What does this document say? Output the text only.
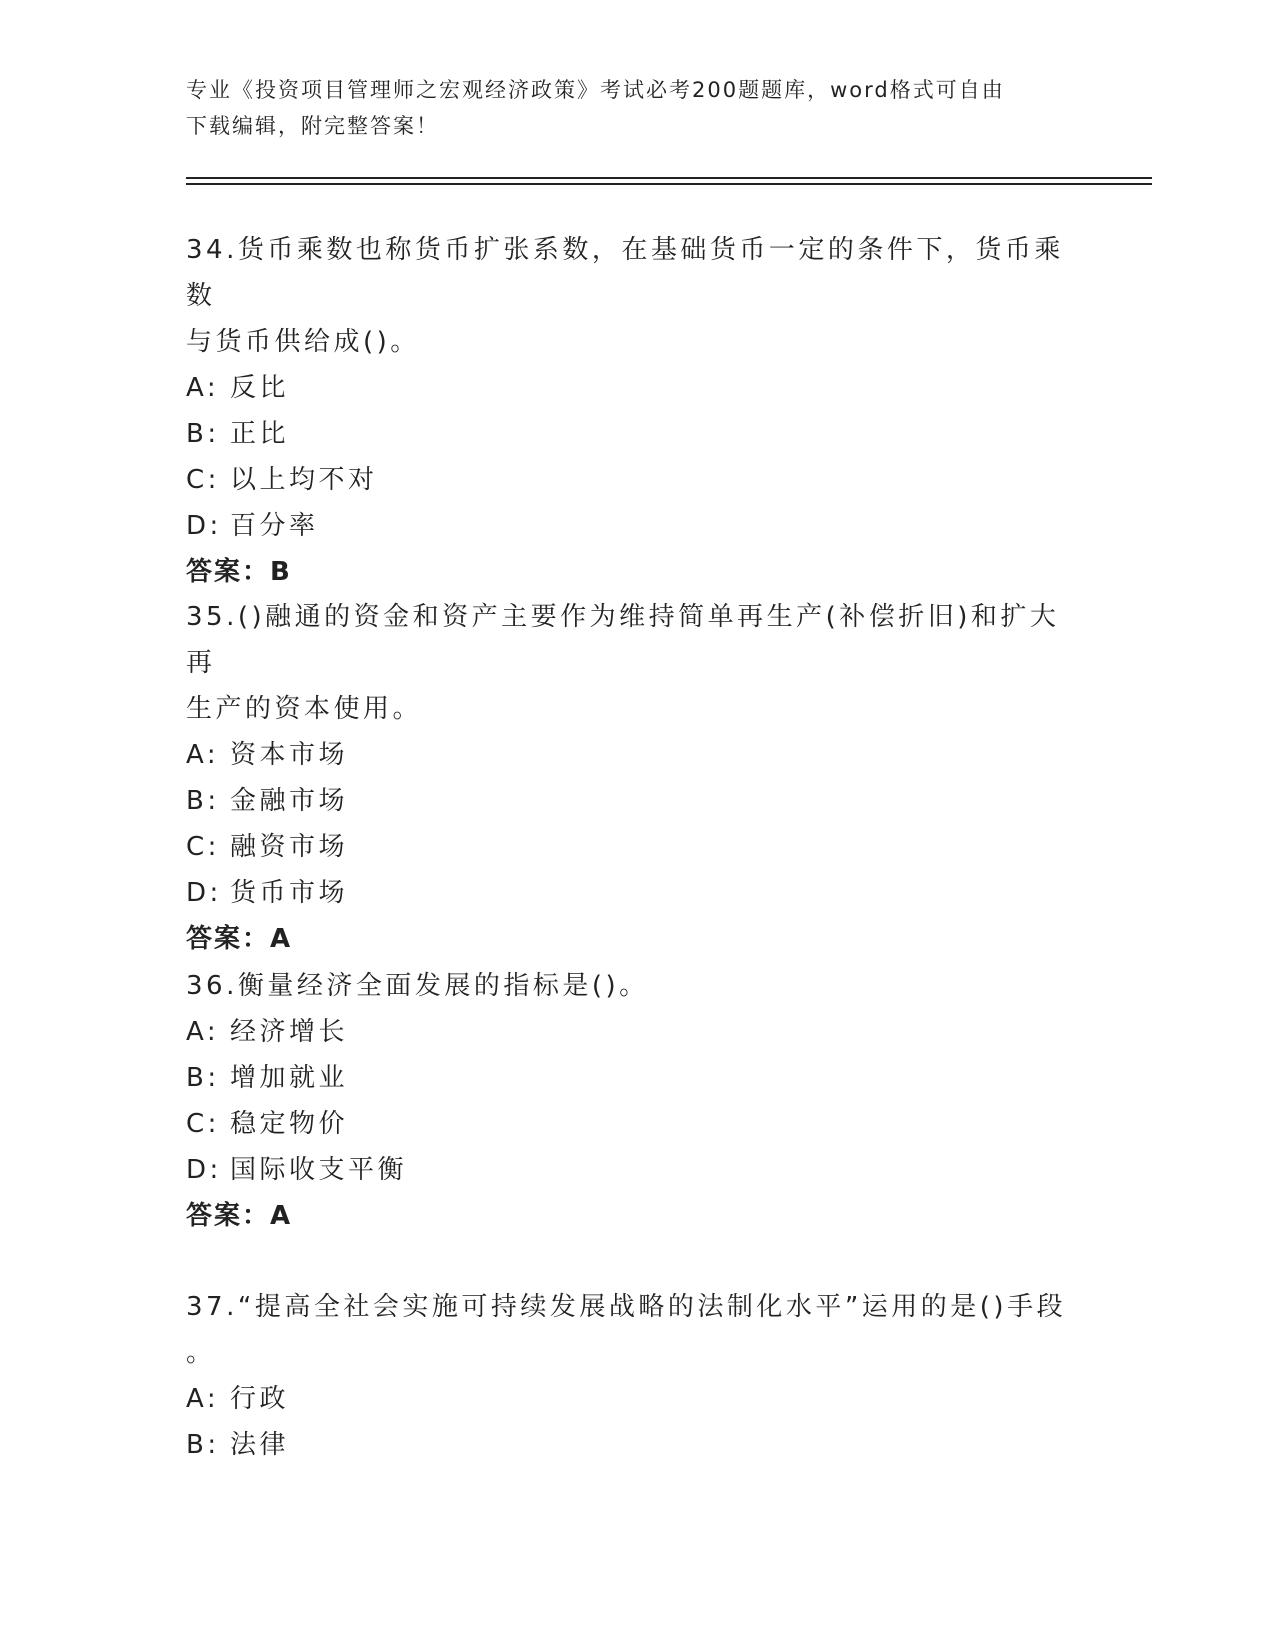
专业《投资项目管理师之宏观经济政策》考试必考200题题库，word格式可自由
下载编辑，附完整答案！
34.货币乘数也称货币扩张系数，在基础货币一定的条件下，货币乘数
与货币供给成()。
A: 反比
B: 正比
C: 以上均不对
D: 百分率
答案：B
35.()融通的资金和资产主要作为维持简单再生产(补偿折旧)和扩大再
生产的资本使用。
A: 资本市场
B: 金融市场
C: 融资市场
D: 货币市场
答案：A
36.衡量经济全面发展的指标是()。
A: 经济增长
B: 增加就业
C: 稳定物价
D: 国际收支平衡
答案：A
37.“提高全社会实施可持续发展战略的法制化水平”运用的是()手段
。
A: 行政
B: 法律
